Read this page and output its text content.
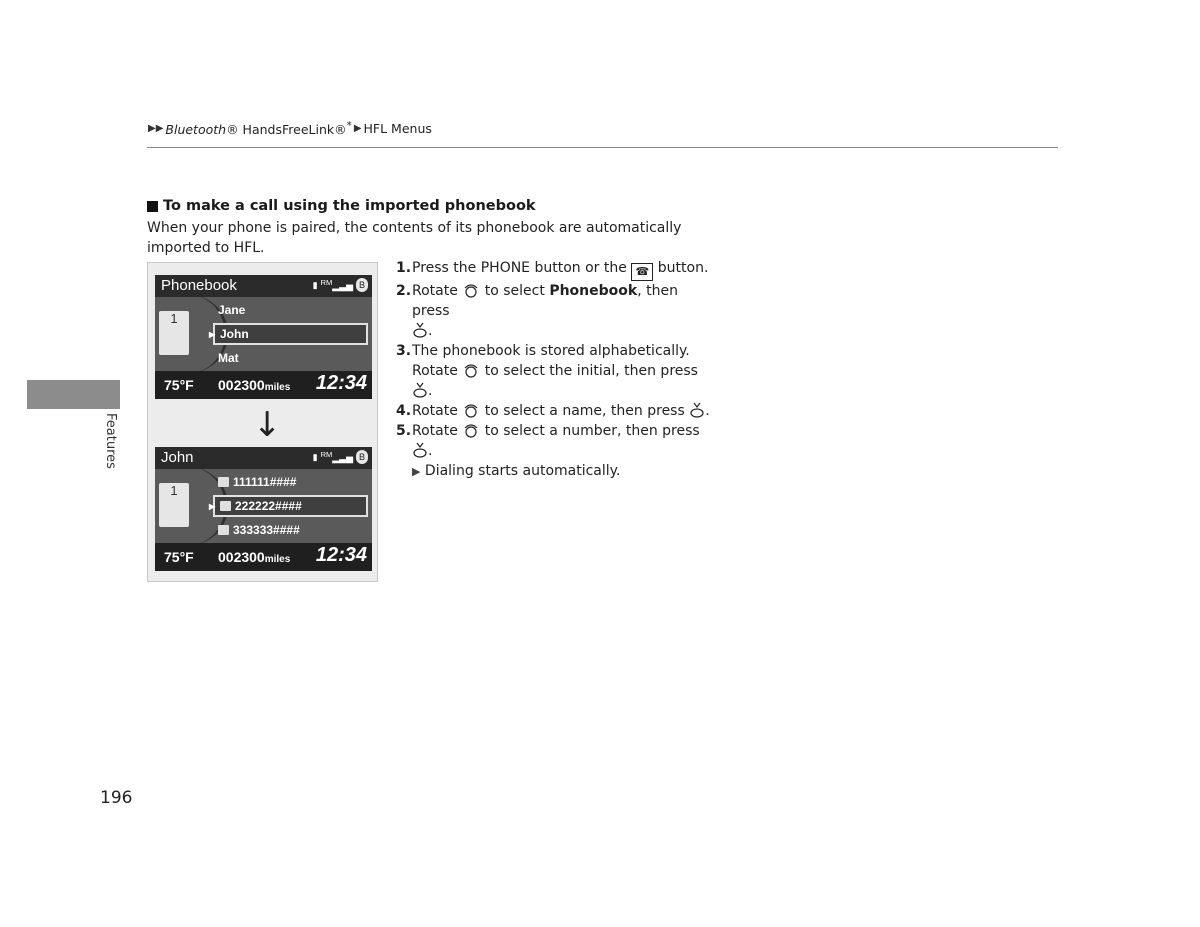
▶▶ Bluetooth® HandsFreeLink®* ▶ HFL Menus
Features
196
To make a call using the imported phonebook
When your phone is paired, the contents of its phonebook are automatically imported to HFL.
Phonebook	▮ $^{RM}$▂▃▅ B
1
Jane
▶ John
Mat
75°F 002300miles 12:34
↓
John	▮ $^{RM}$▂▃▅ B
1
111111####
▶ 222222####
333333####
75°F 002300miles 12:34
1. Press the PHONE button or the ☎ button.
2. Rotate to select Phonebook, then press
.
3. The phonebook is stored alphabetically.
Rotate to select the initial, then press
.
4. Rotate to select a name, then press .
5. Rotate to select a number, then press
.
▶ Dialing starts automatically.
